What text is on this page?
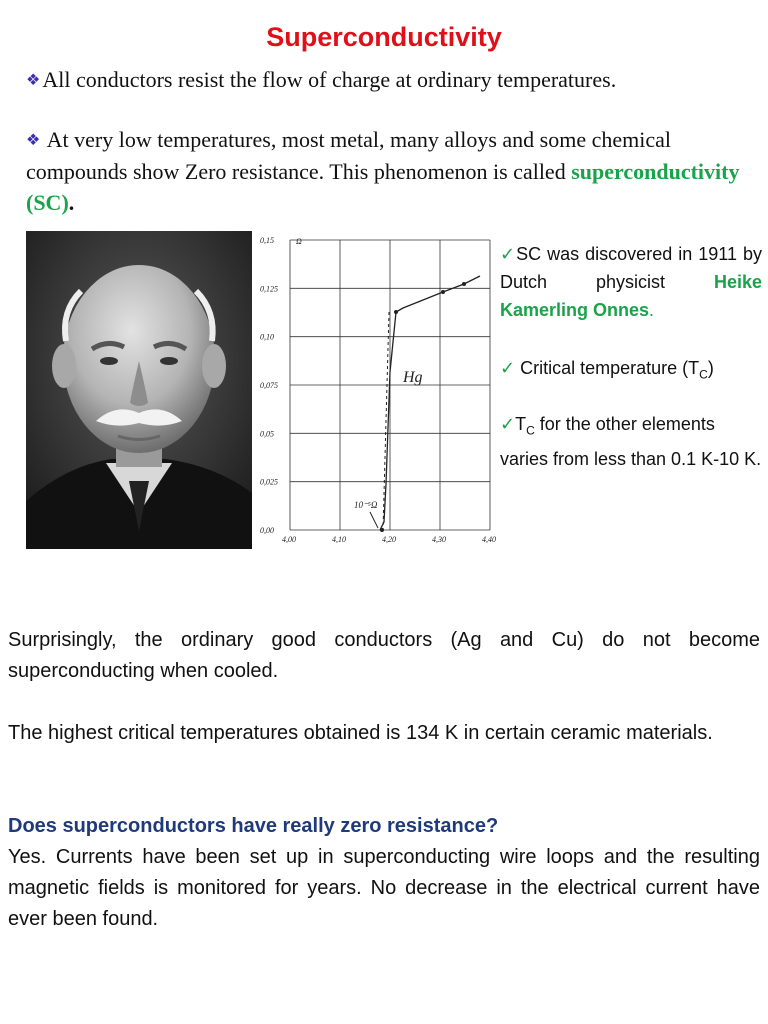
Superconductivity
❖All conductors resist the flow of charge at ordinary temperatures.
❖ At very low temperatures, most metal, many alloys and some chemical compounds show Zero resistance. This phenomenon is called superconductivity (SC).
0,15
0,125
0,10
0,075
0,05
0,025
0,00
4,00	4,10	4,20	4,30	4,40
Hg
10⁻⁵Ω
Ω
✓SC was discovered in 1911 by Dutch physicist Heike Kamerling Onnes.
✓ Critical temperature $(T_C)$
$✓T_C$ for the other elements varies from less than 0.1 K-10 K.
Surprisingly, the ordinary good conductors (Ag and Cu) do not become superconducting when cooled.
The highest critical temperatures obtained is 134 K in certain ceramic materials.
Does superconductors have really zero resistance?
Yes. Currents have been set up in superconducting wire loops and the resulting magnetic fields is monitored for years. No decrease in the electrical current have ever been found.
